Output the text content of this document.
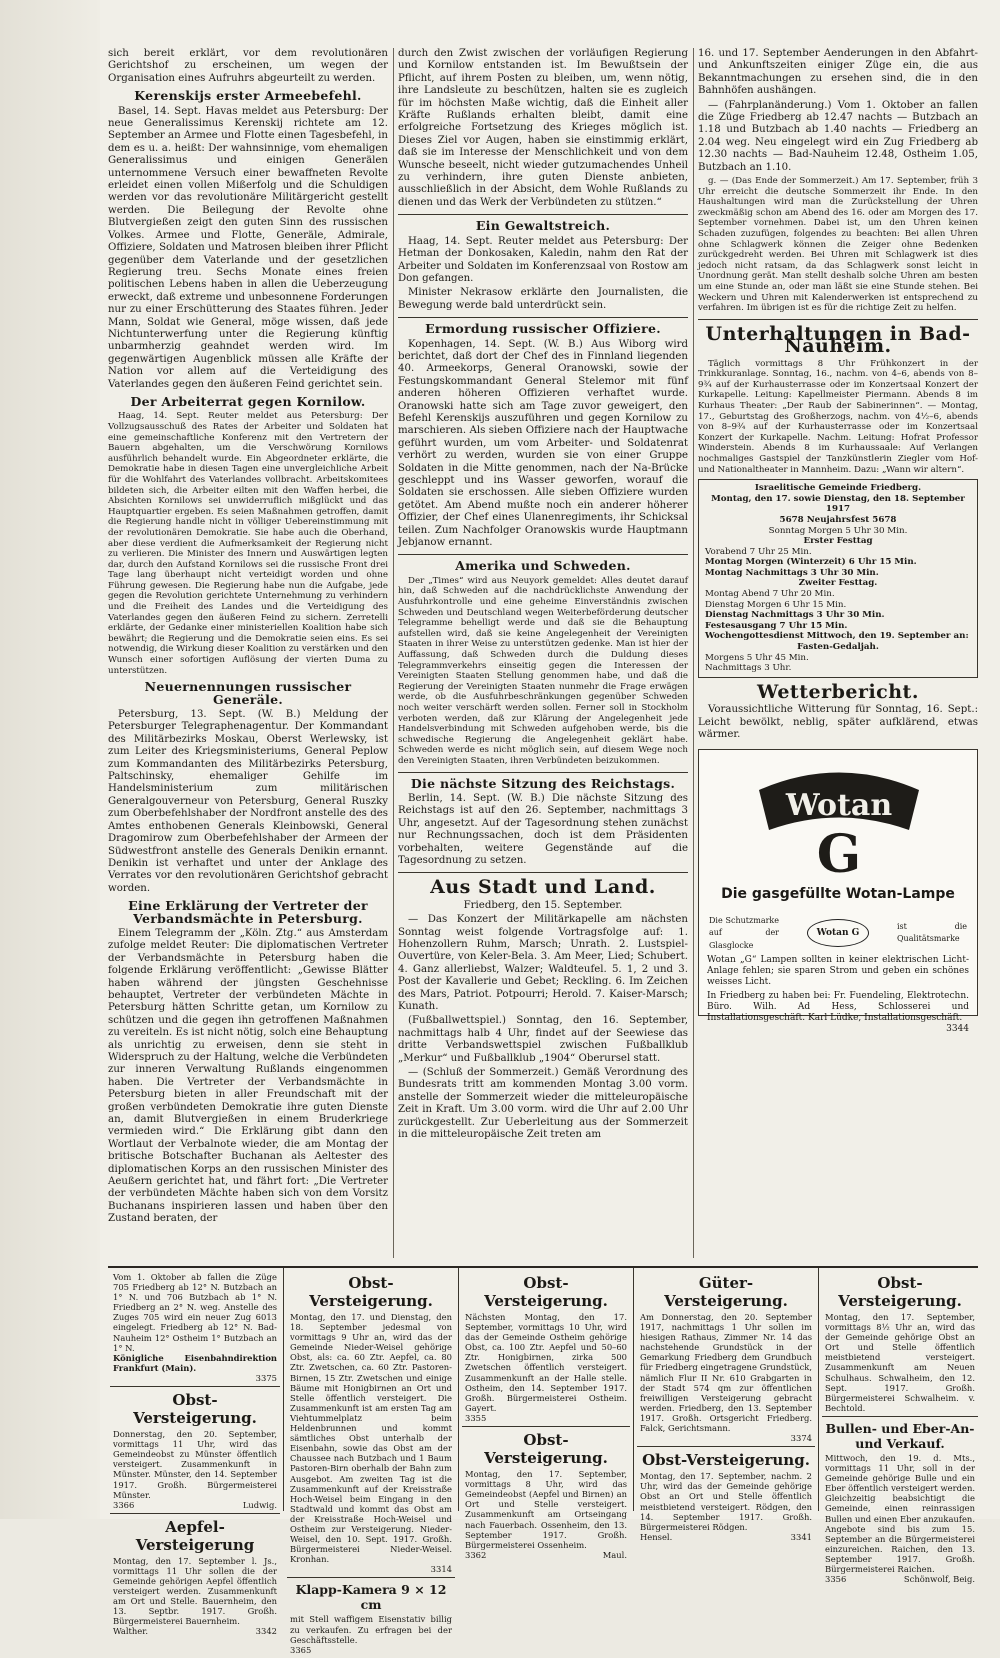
sich bereit erklärt, vor dem revolutionären Gerichtshof zu erscheinen, um wegen der Organisation eines Aufruhrs abgeurteilt zu werden.

Kerenskijs erster Armeebefehl.

Basel, 14. Sept. Havas meldet aus Petersburg: Der neue Generalissimus Kerenskij richtete am 12. September an Armee und Flotte einen Tagesbefehl, in dem es u. a. heißt: Der wahnsinnige, vom ehemaligen Generalissimus und einigen Generälen unternommene Versuch einer bewaffneten Revolte erleidet einen vollen Mißerfolg und die Schuldigen werden vor das revolutionäre Militärgericht gestellt werden. Die Beilegung der Revolte ohne Blutvergießen zeigt den guten Sinn des russischen Volkes. Armee und Flotte, Generäle, Admirale, Offiziere, Soldaten und Matrosen bleiben ihrer Pflicht gegenüber dem Vaterlande und der gesetzlichen Regierung treu. Sechs Monate eines freien politischen Lebens haben in allen die Ueberzeugung erweckt, daß extreme und unbesonnene Forderungen nur zu einer Erschütterung des Staates führen. Jeder Mann, Soldat wie General, möge wissen, daß jede Nichtunterwerfung unter die Regierung künftig unbarmherzig geahndet werden wird. Im gegenwärtigen Augenblick müssen alle Kräfte der Nation vor allem auf die Verteidigung des Vaterlandes gegen den äußeren Feind gerichtet sein.

Der Arbeiterrat gegen Kornilow.

Haag, 14. Sept. Reuter meldet aus Petersburg: Der Vollzugsausschuß des Rates der Arbeiter und Soldaten hat eine gemeinschaftliche Konferenz mit den Vertretern der Bauern abgehalten, um die Verschwörung Kornilows ausführlich behandelt wurde. Ein Abgeordneter erklärte, die Demokratie habe in diesen Tagen eine unvergleichliche Arbeit für die Wohlfahrt des Vaterlandes vollbracht. Arbeitskomitees bildeten sich, die Arbeiter eilten mit den Waffen herbei, die Absichten Kornilows sei unwiderruflich mißglückt und das Hauptquartier ergeben. Es seien Maßnahmen getroffen, damit die Regierung handle nicht in völliger Uebereinstimmung mit der revolutionären Demokratie. Sie habe auch die Oberhand, aber diese verdient die Aufmerksamkeit der Regierung nicht zu verlieren. Die Minister des Innern und Auswärtigen legten dar, durch den Aufstand Kornilows sei die russische Front drei Tage lang überhaupt nicht verteidigt worden und ohne Führung gewesen. Die Regierung habe nun die Aufgabe, jede gegen die Revolution gerichtete Unternehmung zu verhindern und die Freiheit des Landes und die Verteidigung des Vaterlandes gegen den äußeren Feind zu sichern. Zerretelli erklärte, der Gedanke einer ministeriellen Koalition habe sich bewährt; die Regierung und die Demokratie seien eins. Es sei notwendig, die Wirkung dieser Koalition zu verstärken und den Wunsch einer sofortigen Auflösung der vierten Duma zu unterstützen.

Neuernennungen russischer Generäle.

Petersburg, 13. Sept. (W. B.) Meldung der Petersburger Telegraphenagentur. Der Kommandant des Militärbezirks Moskau, Oberst Werlewsky, ist zum Leiter des Kriegsministeriums, General Peplow zum Kommandanten des Militärbezirks Petersburg, Paltschinsky, ehemaliger Gehilfe im Handelsministerium zum militärischen Generalgouverneur von Petersburg, General Ruszky zum Oberbefehlshaber der Nordfront anstelle des des Amtes enthobenen Generals Kleinbowski, General Dragomirow zum Oberbefehlshaber der Armeen der Südwestfront anstelle des Generals Denikin ernannt. Denikin ist verhaftet und unter der Anklage des Verrates vor den revolutionären Gerichtshof gebracht worden.

Eine Erklärung der Vertreter der Verbandsmächte in Petersburg.

Einem Telegramm der „Köln. Ztg.“ aus Amsterdam zufolge meldet Reuter: Die diplomatischen Vertreter der Verbandsmächte in Petersburg haben die folgende Erklärung veröffentlicht: „Gewisse Blätter haben während der jüngsten Geschehnisse behauptet, Vertreter der verbündeten Mächte in Petersburg hätten Schritte getan, um Kornilow zu schützen und die gegen ihn getroffenen Maßnahmen zu vereiteln. Es ist nicht nötig, solch eine Behauptung als unrichtig zu erweisen, denn sie steht in Widerspruch zu der Haltung, welche die Verbündeten zur inneren Verwaltung Rußlands eingenommen haben. Die Vertreter der Verbandsmächte in Petersburg bieten in aller Freundschaft mit der großen verbündeten Demokratie ihre guten Dienste an, damit Blutvergießen in einem Bruderkriege vermieden wird.“ Die Erklärung gibt dann den Wortlaut der Verbalnote wieder, die am Montag der britische Botschafter Buchanan als Aeltester des diplomatischen Korps an den russischen Minister des Aeußern gerichtet hat, und fährt fort: „Die Vertreter der verbündeten Mächte haben sich von dem Vorsitz Buchanans inspirieren lassen und haben über den Zustand beraten, der

durch den Zwist zwischen der vorläufigen Regierung und Kornilow entstanden ist. Im Bewußtsein der Pflicht, auf ihrem Posten zu bleiben, um, wenn nötig, ihre Landsleute zu beschützen, halten sie es zugleich für im höchsten Maße wichtig, daß die Einheit aller Kräfte Rußlands erhalten bleibt, damit eine erfolgreiche Fortsetzung des Krieges möglich ist. Dieses Ziel vor Augen, haben sie einstimmig erklärt, daß sie im Interesse der Menschlichkeit und von dem Wunsche beseelt, nicht wieder gutzumachendes Unheil zu verhindern, ihre guten Dienste anbieten, ausschließlich in der Absicht, dem Wohle Rußlands zu dienen und das Werk der Verbündeten zu stützen.“

Ein Gewaltstreich.

Haag, 14. Sept. Reuter meldet aus Petersburg: Der Hetman der Donkosaken, Kaledin, nahm den Rat der Arbeiter und Soldaten im Konferenzsaal von Rostow am Don gefangen.

Minister Nekrasow erklärte den Journalisten, die Bewegung werde bald unterdrückt sein.

Ermordung russischer Offiziere.

Kopenhagen, 14. Sept. (W. B.) Aus Wiborg wird berichtet, daß dort der Chef des in Finnland liegenden 40. Armeekorps, General Oranowski, sowie der Festungskommandant General Stelemor mit fünf anderen höheren Offizieren verhaftet wurde. Oranowski hatte sich am Tage zuvor geweigert, den Befehl Kerenskijs auszuführen und gegen Kornilow zu marschieren. Als sieben Offiziere nach der Hauptwache geführt wurden, um vom Arbeiter- und Soldatenrat verhört zu werden, wurden sie von einer Gruppe Soldaten in die Mitte genommen, nach der Na-Brücke geschleppt und ins Wasser geworfen, worauf die Soldaten sie erschossen. Alle sieben Offiziere wurden getötet. Am Abend mußte noch ein anderer höherer Offizier, der Chef eines Ulanenregiments, ihr Schicksal teilen. Zum Nachfolger Oranowskis wurde Hauptmann Jebjanow ernannt.

Amerika und Schweden.

Der „Times“ wird aus Neuyork gemeldet: Alles deutet darauf hin, daß Schweden auf die nachdrücklichste Anwendung der Ausfuhrkontrolle und eine geheime Einverständnis zwischen Schweden und Deutschland wegen Weiterbeförderung deutscher Telegramme behelligt werde und daß sie die Behauptung aufstellen wird, daß sie keine Angelegenheit der Vereinigten Staaten in ihrer Weise zu unterstützen gedenke. Man ist hier der Auffassung, daß Schweden durch die Duldung dieses Telegrammverkehrs einseitig gegen die Interessen der Vereinigten Staaten Stellung genommen habe, und daß die Regierung der Vereinigten Staaten nunmehr die Frage erwägen werde, ob die Ausfuhrbeschränkungen gegenüber Schweden noch weiter verschärft werden sollen. Ferner soll in Stockholm verboten werden, daß zur Klärung der Angelegenheit jede Handelsverbindung mit Schweden aufgehoben werde, bis die schwedische Regierung die Angelegenheit geklärt habe. Schweden werde es nicht möglich sein, auf diesem Wege noch den Vereinigten Staaten, ihren Verbündeten beizukommen.

Die nächste Sitzung des Reichstags.

Berlin, 14. Sept. (W. B.) Die nächste Sitzung des Reichstags ist auf den 26. September, nachmittags 3 Uhr, angesetzt. Auf der Tagesordnung stehen zunächst nur Rechnungssachen, doch ist dem Präsidenten vorbehalten, weitere Gegenstände auf die Tagesordnung zu setzen.

Aus Stadt und Land.

Friedberg, den 15. September.

— Das Konzert der Militärkapelle am nächsten Sonntag weist folgende Vortragsfolge auf: 1. Hohenzollern Ruhm, Marsch; Unrath. 2. Lustspiel-Ouvertüre, von Keler-Bela. 3. Am Meer, Lied; Schubert. 4. Ganz allerliebst, Walzer; Waldteufel. 5. 1, 2 und 3. Post der Kavallerie und Gebet; Reckling. 6. Im Zeichen des Mars, Patriot. Potpourri; Herold. 7. Kaiser-Marsch; Kunath.

(Fußballwettspiel.) Sonntag, den 16. September, nachmittags halb 4 Uhr, findet auf der Seewiese das dritte Verbandswettspiel zwischen Fußballklub „Merkur“ und Fußballklub „1904“ Oberursel statt.

— (Schluß der Sommerzeit.) Gemäß Verordnung des Bundesrats tritt am kommenden Montag 3.00 vorm. anstelle der Sommerzeit wieder die mitteleuropäische Zeit in Kraft. Um 3.00 vorm. wird die Uhr auf 2.00 Uhr zurückgestellt. Zur Ueberleitung aus der Sommerzeit in die mitteleuropäische Zeit treten am

16. und 17. September Aenderungen in den Abfahrt- und Ankunftszeiten einiger Züge ein, die aus Bekanntmachungen zu ersehen sind, die in den Bahnhöfen aushängen.

— (Fahrplanänderung.) Vom 1. Oktober an fallen die Züge Friedberg ab 12.47 nachts — Butzbach an 1.18 und Butzbach ab 1.40 nachts — Friedberg an 2.04 weg. Neu eingelegt wird ein Zug Friedberg ab 12.30 nachts — Bad-Nauheim 12.48, Ostheim 1.05, Butzbach an 1.10.

g. — (Das Ende der Sommerzeit.) Am 17. September, früh 3 Uhr erreicht die deutsche Sommerzeit ihr Ende. In den Haushaltungen wird man die Zurückstellung der Uhren zweckmäßig schon am Abend des 16. oder am Morgen des 17. September vornehmen. Dabei ist, um den Uhren keinen Schaden zuzufügen, folgendes zu beachten: Bei allen Uhren ohne Schlagwerk können die Zeiger ohne Bedenken zurückgedreht werden. Bei Uhren mit Schlagwerk ist dies jedoch nicht ratsam, da das Schlagwerk sonst leicht in Unordnung gerät. Man stellt deshalb solche Uhren am besten um eine Stunde an, oder man läßt sie eine Stunde stehen. Bei Weckern und Uhren mit Kalenderwerken ist entsprechend zu verfahren. Im übrigen ist es für die richtige Zeit zu helfen.

Unterhaltungen in Bad-Nauheim.

Täglich vormittags 8 Uhr Frühkonzert in der Trinkkuranlage. Sonntag, 16., nachm. von 4–6, abends von 8–9¾ auf der Kurhausterrasse oder im Konzertsaal Konzert der Kurkapelle. Leitung: Kapellmeister Piermann. Abends 8 im Kurhaus Theater: „Der Raub der Sabinerinnen“. — Montag, 17., Geburtstag des Großherzogs, nachm. von 4½–6, abends von 8–9¾ auf der Kurhausterrasse oder im Konzertsaal Konzert der Kurkapelle. Nachm. Leitung: Hofrat Professor Winderstein. Abends 8 im Kurhaussaale: Auf Verlangen nochmaliges Gastspiel der Tanzkünstlerin Ziegler vom Hof- und Nationaltheater in Mannheim. Dazu: „Wann wir altern“.

Israelitische Gemeinde Friedberg.
Montag, den 17. sowie Dienstag, den 18. September 1917
5678 Neujahrsfest 5678
Sonntag Morgen 5 Uhr 30 Min.
Erster Festtag
Vorabend 7 Uhr 25 Min.
Montag Morgen (Winterzeit) 6 Uhr 15 Min.
Montag Nachmittags 3 Uhr 30 Min.
Zweiter Festtag.
Montag Abend 7 Uhr 20 Min.
Dienstag Morgen 6 Uhr 15 Min.
Dienstag Nachmittags 3 Uhr 30 Min.
Festesausgang 7 Uhr 15 Min.
Wochengottesdienst Mittwoch, den 19. September an:
Fasten-Gedaljah.
Morgens 5 Uhr 45 Min.
Nachmittags 3 Uhr.
Wetterbericht.

Voraussichtliche Witterung für Sonntag, 16. Sept.: Leicht bewölkt, neblig, später aufklärend, etwas wärmer.

Wotan
G
Die gasgefüllte Wotan-Lampe
Die Schutzmarke auf der Glasglocke
Wotan G
ist die Qualitätsmarke
Wotan „G“ Lampen sollten in keiner elektrischen Licht-Anlage fehlen; sie sparen Strom und geben ein schönes weisses Licht.
In Friedberg zu haben bei: Fr. Fuendeling, Elektrotechn. Büro. Wilh. Ad Hess, Schlosserei und Installationsgeschäft. Karl Lüdke, Installationsgeschäft.
3344
Vom 1. Oktober ab fallen die Züge 705 Friedberg ab 12° N. Butzbach an 1° N. und 706 Butzbach ab 1° N. Friedberg an 2° N. weg. Anstelle des Zuges 705 wird ein neuer Zug 6013 eingelegt. Friedberg ab 12° N. Bad-Nauheim 12° Ostheim 1° Butzbach an 1° N.
Königliche Eisenbahndirektion Frankfurt (Main).
3375
Obst-Versteigerung.
Donnerstag, den 20. September, vormittags 11 Uhr, wird das Gemeindeobst zu Münster öffentlich versteigert. Zusammenkunft in Münster. Münster, den 14. September 1917. Großh. Bürgermeisterei Münster.
3366	Ludwig.
Aepfel-Versteigerung
Montag, den 17. September l. Js., vormittags 11 Uhr sollen die der Gemeinde gehörigen Aepfel öffentlich versteigert werden. Zusammenkunft am Ort und Stelle. Bauernheim, den 13. Septbr. 1917. Großh. Bürgermeisterei Bauernheim.
Walther.	3342
Obst-Versteigerung.
Montag, den 17. und Dienstag, den 18. September jedesmal von vormittags 9 Uhr an, wird das der Gemeinde Nieder-Weisel gehörige Obst, als: ca. 60 Ztr. Aepfel, ca. 80 Ztr. Zwetschen, ca. 60 Ztr. Pastoren-Birnen, 15 Ztr. Zwetschen und einige Bäume mit Honigbirnen an Ort und Stelle öffentlich versteigert. Die Zusammenkunft ist am ersten Tag am Viehtummelplatz beim Heldenbrunnen und kommt sämtliches Obst unterhalb der Eisenbahn, sowie das Obst am der Chaussee nach Butzbach und 1 Baum Pastoren-Birn oberhalb der Bahn zum Ausgebot. Am zweiten Tag ist die Zusammenkunft auf der Kreisstraße Hoch-Weisel beim Eingang in den Stadtwald und kommt das Obst am der Kreisstraße Hoch-Weisel und Ostheim zur Versteigerung. Nieder-Weisel, den 10. Sept. 1917. Großh. Bürgermeisterei Nieder-Weisel. Kronhan.
3314
Klapp-Kamera 9 × 12 cm
mit Stell waffigem Eisenstativ billig zu verkaufen. Zu erfragen bei der Geschäftsstelle.
3365
Obst-Versteigerung.
Nächsten Montag, den 17. September, vormittags 10 Uhr, wird das der Gemeinde Ostheim gehörige Obst, ca. 100 Ztr. Aepfel und 50–60 Ztr. Honigbirnen, zirka 500 Zwetschen öffentlich versteigert. Zusammenkunft an der Halle stelle. Ostheim, den 14. September 1917. Großh. Bürgermeisterei Ostheim. Gayert.
3355
Obst-Versteigerung.
Montag, den 17. September, vormittags 8 Uhr, wird das Gemeindeobst (Aepfel und Birnen) an Ort und Stelle versteigert. Zusammenkunft am Ortseingang nach Fauerbach. Ossenheim, den 13. September 1917. Großh. Bürgermeisterei Ossenheim.
3362	Maul.
Güter-Versteigerung.
Am Donnerstag, den 20. September 1917, nachmittags 1 Uhr sollen im hiesigen Rathaus, Zimmer Nr. 14 das nachstehende Grundstück in der Gemarkung Friedberg dem Grundbuch für Friedberg eingetragene Grundstück, nämlich Flur II Nr. 610 Grabgarten in der Stadt 574 qm zur öffentlichen freiwilligen Versteigerung gebracht werden. Friedberg, den 13. September 1917. Großh. Ortsgericht Friedberg. Falck, Gerichtsmann.
3374
Obst-Versteigerung.
Montag, den 17. September, nachm. 2 Uhr, wird das der Gemeinde gehörige Obst an Ort und Stelle öffentlich meistbietend versteigert. Rödgen, den 14. September 1917. Großh. Bürgermeisterei Rödgen.
Hensel.	3341
Obst-Versteigerung.
Montag, den 17. September, vormittags 8½ Uhr an, wird das der Gemeinde gehörige Obst an Ort und Stelle öffentlich meistbietend versteigert. Zusammenkunft am Neuen Schulhaus. Schwalheim, den 12. Sept. 1917. Großh. Bürgermeisterei Schwalheim. v. Bechtold.
Bullen- und Eber-An- und Verkauf.
Mittwoch, den 19. d. Mts., vormittags 11 Uhr, soll in der Gemeinde gehörige Bulle und ein Eber öffentlich versteigert werden. Gleichzeitig beabsichtigt die Gemeinde, einen reinrassigen Bullen und einen Eber anzukaufen. Angebote sind bis zum 15. September an die Bürgermeisterei einzureichen. Raichen, den 13. September 1917. Großh. Bürgermeisterei Raichen.
3356	Schönwolf, Beig.
